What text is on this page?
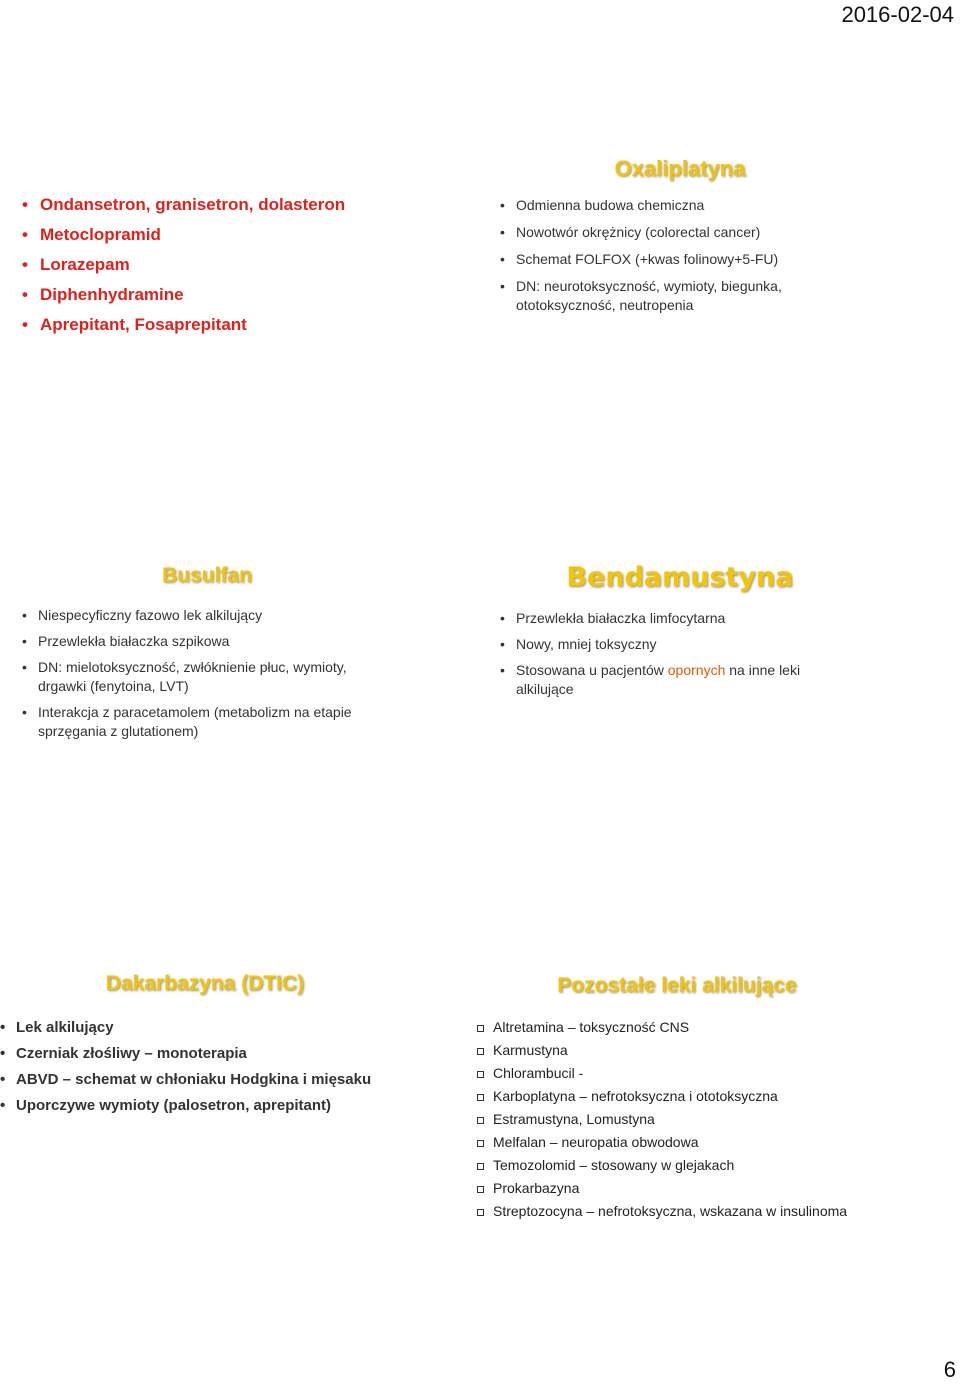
2016-02-04
• Ondansetron, granisetron, dolasteron
• Metoclopramid
• Lorazepam
• Diphenhydramine
• Aprepitant, Fosaprepitant
Oxaliplatyna
• Odmienna budowa chemiczna
• Nowotwór okrężnicy (colorectal cancer)
• Schemat FOLFOX (+kwas folinowy+5-FU)
• DN: neurotoksyczność, wymioty, biegunka, ototoksyczność, neutropenia
Busulfan
• Niespecyficzny fazowo lek alkilujący
• Przewlekła białaczka szpikowa
• DN: mielotoksyczność, zwłóknienie płuc, wymioty, drgawki (fenytoina, LVT)
• Interakcja z paracetamolem (metabolizm na etapie sprzęgania z glutationem)
Bendamustyna
• Przewlekła białaczka limfocytarna
• Nowy, mniej toksyczny
• Stosowana u pacjentów opornych na inne leki alkilujące
Dakarbazyna (DTIC)
• Lek alkilujący
• Czerniak złośliwy – monoterapia
• ABVD – schemat w chłoniaku Hodgkina i mięsaku
• Uporczywe wymioty (palosetron, aprepitant)
Pozostałe leki alkilujące
Altretamina – toksyczność CNS
Karmustyna
Chlorambucil -
Karboplatyna – nefrotoksyczna i ototoksyczna
Estramustyna, Lomustyna
Melfalan – neuropatia obwodowa
Temozolomid – stosowany w glejakach
Prokarbazyna
Streptozocyna – nefrotoksyczna, wskazana w insulinoma
6
